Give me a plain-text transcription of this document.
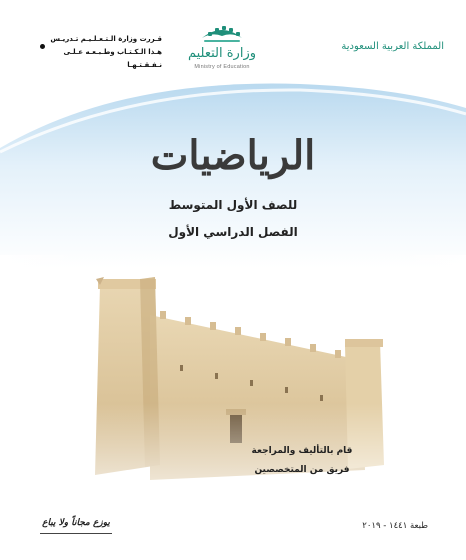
المملكة العربية السعودية
وزارة التعليم
Ministry of Education
قـررت وزارة الـتـعـلـيـم تـدريـس
هـذا الـكـتـاب وطـبـعـه عـلـى نـفـقـتـهـا
الرياضيات
للصف الأول المتوسط
الفصل الدراسي الأول
قام بالتأليف والمراجعة
فريق من المتخصصين
طبعة ١٤٤١ - ٢٠١٩
يوزع مجاناً ولا يباع
